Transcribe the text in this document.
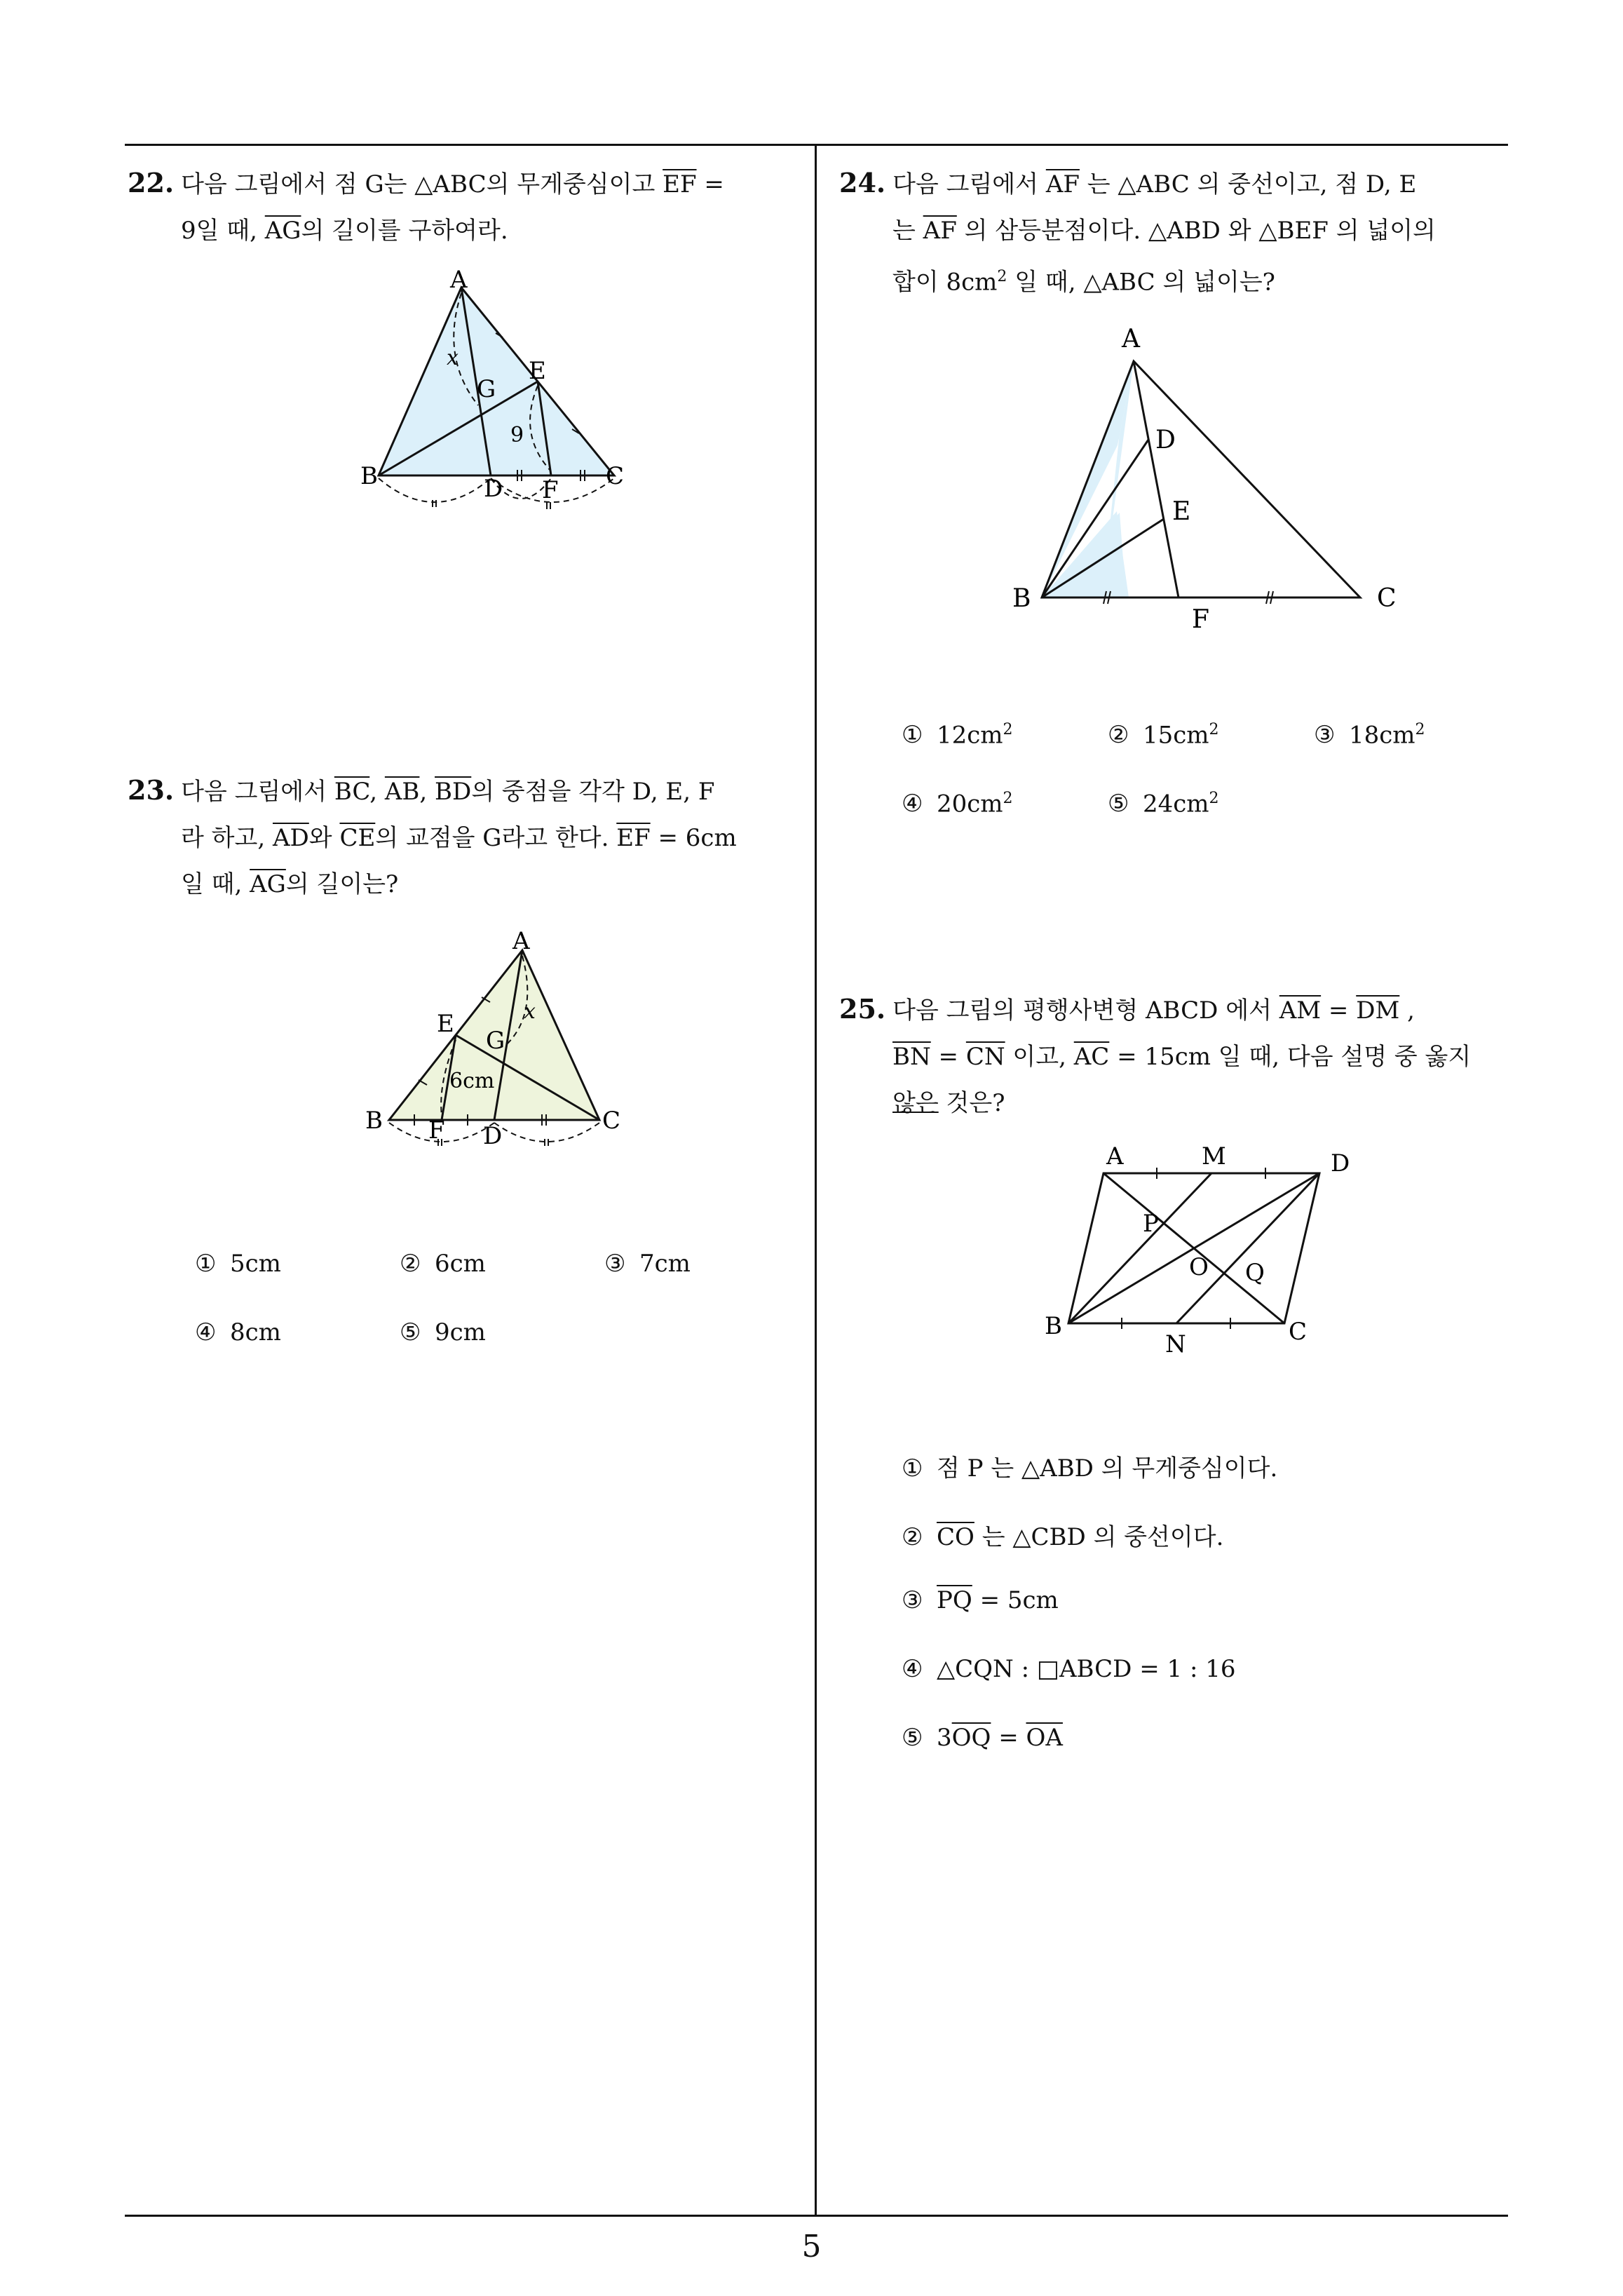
5
22. 다음 그림에서 점 G는 △ABC의 무게중심이고 $\overline{EF}$ =
9일 때, $\overline{AG}$의 길이를 구하여라.
A
B	C
D
E
F
G
x
9
23. 다음 그림에서 $\overline{BC}$, $\overline{AB}$, $\overline{BD}$의 중점을 각각 D, E, F
라 하고, $\overline{AD}$와 $\overline{CE}$의 교점을 G라고 한다. $\overline{EF} = 6cm$
일 때, $\overline{AG}$의 길이는?
A
B	C
D
E
F
G
x
6cm
① 5cm	② 6cm	③ 7cm
④ 8cm	⑤ 9cm
24. 다음 그림에서 $\overline{AF}$ 는 △ABC 의 중선이고, 점 D, E
는 $\overline{AF}$ 의 삼등분점이다. △ABD 와 △BEF 의 넓이의
합이 $8cm^2$ 일 때, △ABC 의 넓이는?
A
B	C
D
E
F
① $12cm^2$	② $15cm^2$	③ $18cm^2$
④ $20cm^2$	⑤ $24cm^2$
25. 다음 그림의 평행사변형 ABCD 에서 $\overline{AM} = \overline{DM}$ ,
$\overline{BN} = \overline{CN}$ 이고, $\overline{AC} = 15cm$ 일 때, 다음 설명 중 옳지
않은 것은?
A	M	D
P
O Q
B
N	C
① 점 P 는 △ABD 의 무게중심이다.
② $\overline{CO}$ 는 △CBD 의 중선이다.
③ $\overline{PQ} = 5cm$
④ △CQN : □ABCD = 1 : 16
⑤ $3\overline{OQ} = \overline{OA}$
